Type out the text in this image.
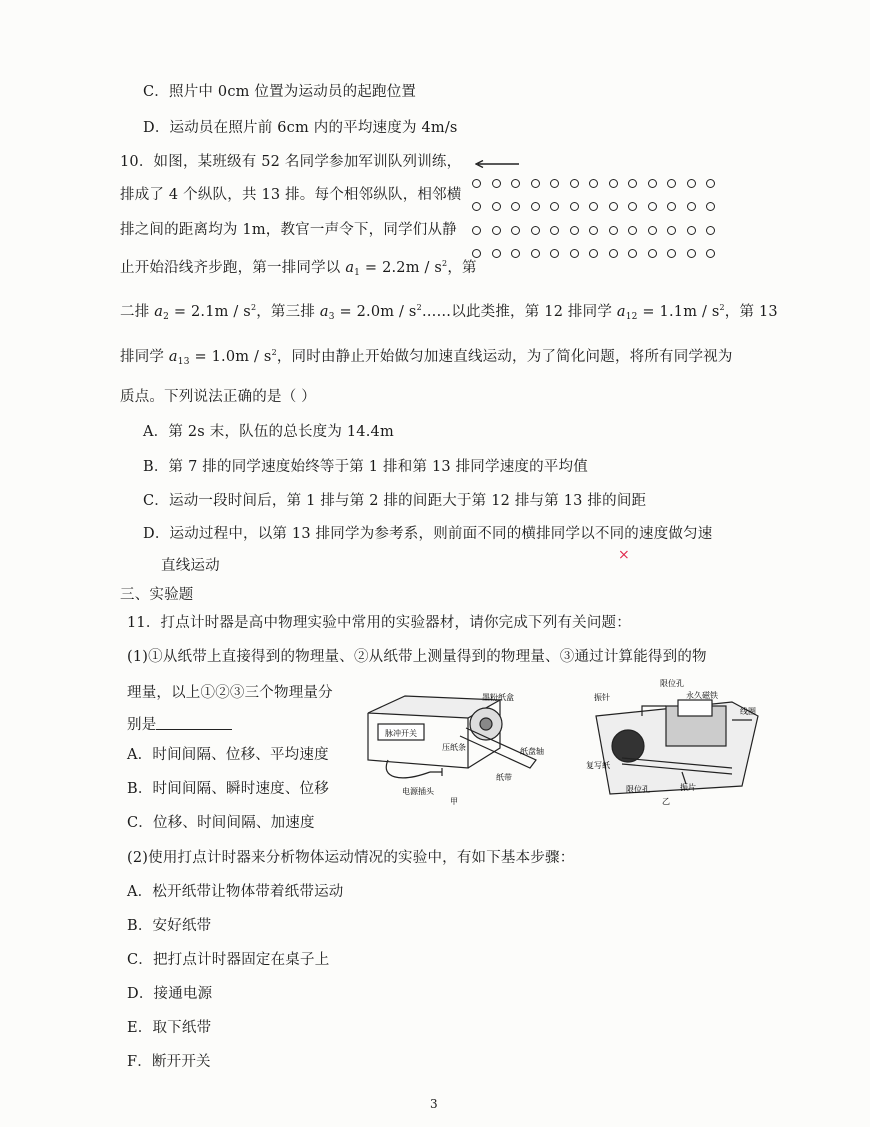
C．照片中 0cm 位置为运动员的起跑位置
D．运动员在照片前 6cm 内的平均速度为 4m/s
10．如图，某班级有 52 名同学参加军训队列训练，
排成了 4 个纵队，共 13 排。每个相邻纵队，相邻横
排之间的距离均为 1m，教官一声令下，同学们从静
止开始沿线齐步跑，第一排同学以 $a_1 = 2.2m / s^2$，第
二排 $a_2 = 2.1m / s^2$，第三排 $a_3 = 2.0m$ / $s^2\dots\dots$以此类推，第 12 排同学 $a_{12} = 1.1m / s^2$，第 13
排同学 $a_{13} = 1.0m / s^2$，同时由静止开始做匀加速直线运动，为了简化问题，将所有同学视为
质点。下列说法正确的是（ ）
A．第 2s 末，队伍的总长度为 14.4m
B．第 7 排的同学速度始终等于第 1 排和第 13 排同学速度的平均值
C．运动一段时间后，第 1 排与第 2 排的间距大于第 12 排与第 13 排的间距
D．运动过程中，以第 13 排同学为参考系，则前面不同的横排同学以不同的速度做匀速
直线运动
⨯
三、实验题
11．打点计时器是高中物理实验中常用的实验器材，请你完成下列有关问题：
(1)①从纸带上直接得到的物理量、②从纸带上测量得到的物理量、③通过计算能得到的物
理量，以上①②③三个物理量分
别是
A．时间间隔、位移、平均速度
B．时间间隔、瞬时速度、位移
C．位移、时间间隔、加速度
脉冲开关
墨粉纸盒
压纸条	纸盘轴
纸带
电源插头
甲
限位孔
振针	永久磁铁
线圈
复写纸
限位孔	振片
乙
(2)使用打点计时器来分析物体运动情况的实验中，有如下基本步骤：
A．松开纸带让物体带着纸带运动
B．安好纸带
C．把打点计时器固定在桌子上
D．接通电源
E．取下纸带
F．断开开关
3
